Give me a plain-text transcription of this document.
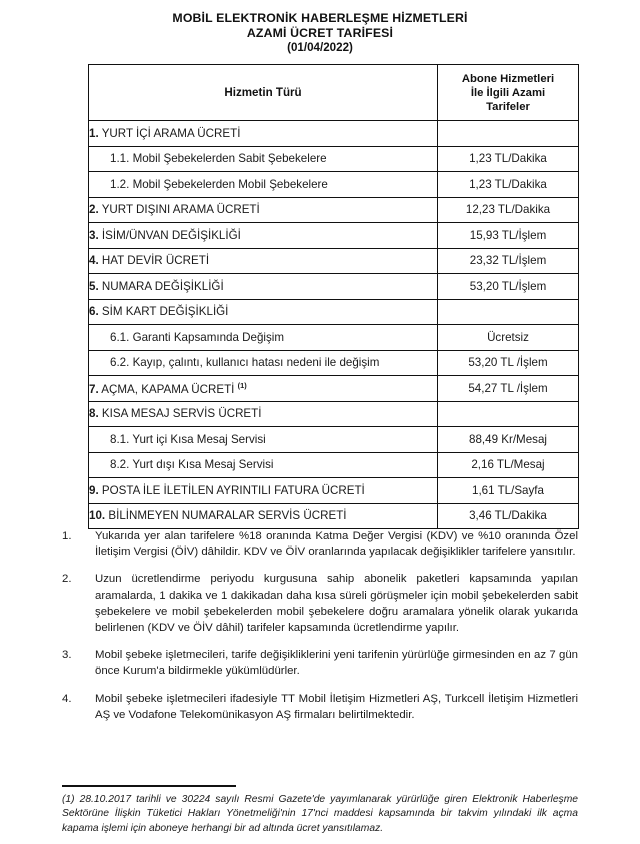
MOBİL ELEKTRONİK HABERLEŞME HİZMETLERİ
AZAMİ ÜCRET TARİFESİ
(01/04/2022)
Hizmetin Türü	Abone Hizmetleri
İle İlgili Azami
Tarifeler

1. YURT İÇİ ARAMA ÜCRETİ	
1.1. Mobil Şebekelerden Sabit Şebekelere	1,23 TL/Dakika
1.2. Mobil Şebekelerden Mobil Şebekelere	1,23 TL/Dakika
2. YURT DIŞINI ARAMA ÜCRETİ	12,23 TL/Dakika
3. İSİM/ÜNVAN DEĞİŞİKLİĞİ	15,93 TL/İşlem
4. HAT DEVİR ÜCRETİ	23,32 TL/İşlem
5. NUMARA DEĞİŞİKLİĞİ	53,20 TL/İşlem
6. SİM KART DEĞİŞİKLİĞİ	
6.1. Garanti Kapsamında Değişim	Ücretsiz
6.2. Kayıp, çalıntı, kullanıcı hatası nedeni ile değişim	53,20 TL /İşlem
7. AÇMA, KAPAMA ÜCRETİ $^{(1)}$	54,27 TL /İşlem
8. KISA MESAJ SERVİS ÜCRETİ	
8.1. Yurt içi Kısa Mesaj Servisi	88,49 Kr/Mesaj
8.2. Yurt dışı Kısa Mesaj Servisi	2,16 TL/Mesaj
9. POSTA İLE İLETİLEN AYRINTILI FATURA ÜCRETİ	1,61 TL/Sayfa
10. BİLİNMEYEN NUMARALAR SERVİS ÜCRETİ	3,46 TL/Dakika
1.	Yukarıda yer alan tarifelere %18 oranında Katma Değer Vergisi (KDV) ve %10 oranında Özel İletişim Vergisi (ÖİV) dâhildir. KDV ve ÖİV oranlarında yapılacak değişiklikler tarifelere yansıtılır.
2.	Uzun ücretlendirme periyodu kurgusuna sahip abonelik paketleri kapsamında yapılan aramalarda, 1 dakika ve 1 dakikadan daha kısa süreli görüşmeler için mobil şebekelerden sabit şebekelere ve mobil şebekelerden mobil şebekelere doğru aramalara yönelik olarak yukarıda belirlenen (KDV ve ÖİV dâhil) tarifeler kapsamında ücretlendirme yapılır.
3.	Mobil şebeke işletmecileri, tarife değişikliklerini yeni tarifenin yürürlüğe girmesinden en az 7 gün önce Kurum'a bildirmekle yükümlüdürler.
4.	Mobil şebeke işletmecileri ifadesiyle TT Mobil İletişim Hizmetleri AŞ, Turkcell İletişim Hizmetleri AŞ ve Vodafone Telekomünikasyon AŞ firmaları belirtilmektedir.
(1) 28.10.2017 tarihli ve 30224 sayılı Resmi Gazete'de yayımlanarak yürürlüğe giren Elektronik Haberleşme Sektörüne İlişkin Tüketici Hakları Yönetmeliği'nin 17'nci maddesi kapsamında bir takvim yılındaki ilk açma kapama işlemi için aboneye herhangi bir ad altında ücret yansıtılamaz.
